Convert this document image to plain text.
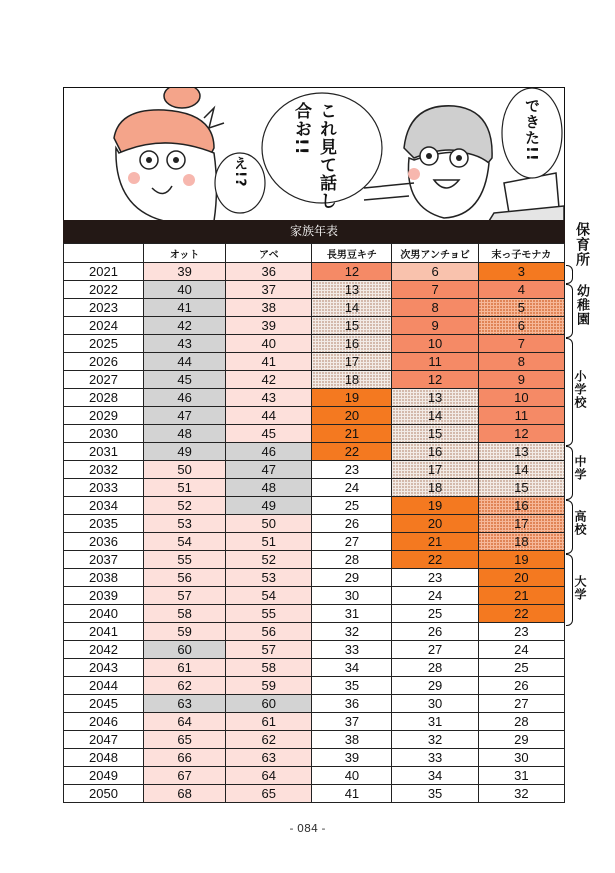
え!?	これ見て話し合お!!	できた!!
家族年表
	オット	アベ	長男豆キチ	次男アンチョビ	末っ子モナカ
2021	39	36	12	6	3
2022	40	37	13	7	4
2023	41	38	14	8	5
2024	42	39	15	9	6
2025	43	40	16	10	7
2026	44	41	17	11	8
2027	45	42	18	12	9
2028	46	43	19	13	10
2029	47	44	20	14	11
2030	48	45	21	15	12
2031	49	46	22	16	13
2032	50	47	23	17	14
2033	51	48	24	18	15
2034	52	49	25	19	16
2035	53	50	26	20	17
2036	54	51	27	21	18
2037	55	52	28	22	19
2038	56	53	29	23	20
2039	57	54	30	24	21
2040	58	55	31	25	22
2041	59	56	32	26	23
2042	60	57	33	27	24
2043	61	58	34	28	25
2044	62	59	35	29	26
2045	63	60	36	30	27
2046	64	61	37	31	28
2047	65	62	38	32	29
2048	66	63	39	33	30
2049	67	64	40	34	31
2050	68	65	41	35	32
保育所
幼稚園
小学校
中学
高校
大学
- 084 -
